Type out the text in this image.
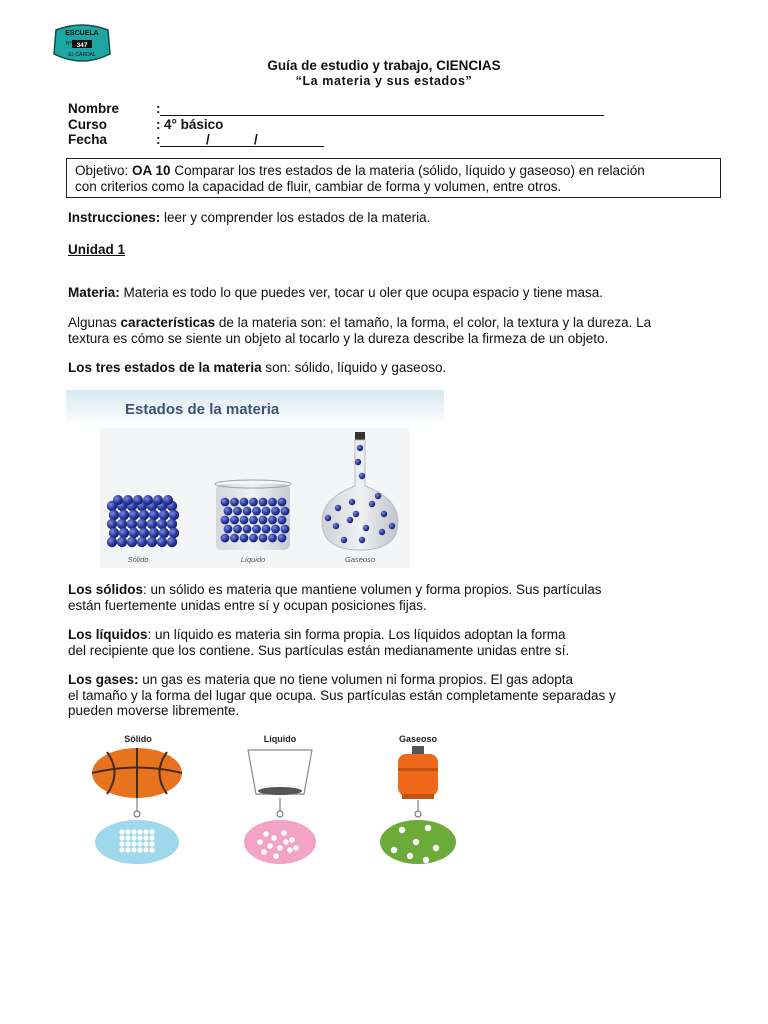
ESCUELA
N° 347
EL CARDAL
Guía de estudio y trabajo, CIENCIAS
“La materia y sus estados”
Nombre	:
Curso	: 4° básico
Fecha	:	/	/
Objetivo: OA 10 Comparar los tres estados de la materia (sólido, líquido y gaseoso) en relación
con criterios como la capacidad de fluir, cambiar de forma y volumen, entre otros.
Instrucciones: leer y comprender los estados de la materia.
Unidad 1
Materia: Materia es todo lo que puedes ver, tocar u oler que ocupa espacio y tiene masa.
Algunas características de la materia son: el tamaño, la forma, el color, la textura y la dureza. La
textura es cómo se siente un objeto al tocarlo y la dureza describe la firmeza de un objeto.
Los tres estados de la materia son: sólido, líquido y gaseoso.
Estados de la materia
Sólido	Líquido	Gaseoso
Los sólidos: un sólido es materia que mantiene volumen y forma propios. Sus partículas
están fuertemente unidas entre sí y ocupan posiciones fijas.
Los líquidos: un líquido es materia sin forma propia. Los líquidos adoptan la forma
del recipiente que los contiene. Sus partículas están medianamente unidas entre sí.
Los gases: un gas es materia que no tiene volumen ni forma propios. El gas adopta
el tamaño y la forma del lugar que ocupa. Sus partículas están completamente separadas y
pueden moverse libremente.
Sólido	Líquido	Gaseoso
